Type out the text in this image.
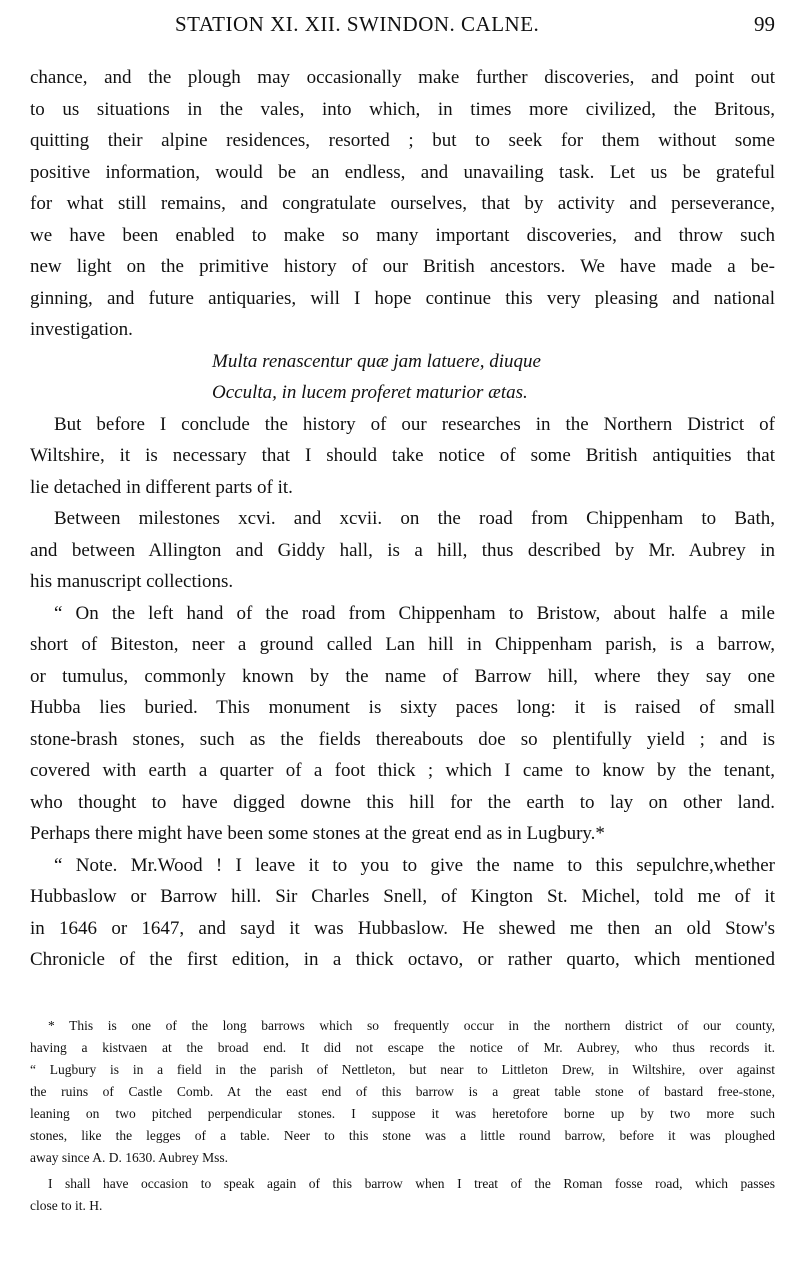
STATION XI. XII. SWINDON. CALNE.	99
chance, and the plough may occasionally make further discoveries, and point out
to us situations in the vales, into which, in times more civilized, the Britous,
quitting their alpine residences, resorted ; but to seek for them without some
positive information, would be an endless, and unavailing task. Let us be grateful
for what still remains, and congratulate ourselves, that by activity and perseverance,
we have been enabled to make so many important discoveries, and throw such
new light on the primitive history of our British ancestors. We have made a be-
ginning, and future antiquaries, will I hope continue this very pleasing and national
investigation.
Multa renascentur quæ jam latuere, diuque
Occulta, in lucem proferet maturior ætas.
But before I conclude the history of our researches in the Northern District of
Wiltshire, it is necessary that I should take notice of some British antiquities that
lie detached in different parts of it.
Between milestones xcvi. and xcvii. on the road from Chippenham to Bath,
and between Allington and Giddy hall, is a hill, thus described by Mr. Aubrey in
his manuscript collections.
“ On the left hand of the road from Chippenham to Bristow, about halfe a mile
short of Biteston, neer a ground called Lan hill in Chippenham parish, is a barrow,
or tumulus, commonly known by the name of Barrow hill, where they say one
Hubba lies buried. This monument is sixty paces long: it is raised of small
stone-brash stones, such as the fields thereabouts doe so plentifully yield ; and is
covered with earth a quarter of a foot thick ; which I came to know by the tenant,
who thought to have digged downe this hill for the earth to lay on other land.
Perhaps there might have been some stones at the great end as in Lugbury.*
“ Note. Mr.Wood ! I leave it to you to give the name to this sepulchre,whether
Hubbaslow or Barrow hill. Sir Charles Snell, of Kington St. Michel, told me of it
in 1646 or 1647, and sayd it was Hubbaslow. He shewed me then an old Stow's
Chronicle of the first edition, in a thick octavo, or rather quarto, which mentioned
* This is one of the long barrows which so frequently occur in the northern district of our county,
having a kistvaen at the broad end. It did not escape the notice of Mr. Aubrey, who thus records it.
“ Lugbury is in a field in the parish of Nettleton, but near to Littleton Drew, in Wiltshire, over against
the ruins of Castle Comb. At the east end of this barrow is a great table stone of bastard free-stone,
leaning on two pitched perpendicular stones. I suppose it was heretofore borne up by two more such
stones, like the legges of a table. Neer to this stone was a little round barrow, before it was ploughed
away since A. D. 1630. Aubrey Mss.
I shall have occasion to speak again of this barrow when I treat of the Roman fosse road, which passes
close to it. H.
